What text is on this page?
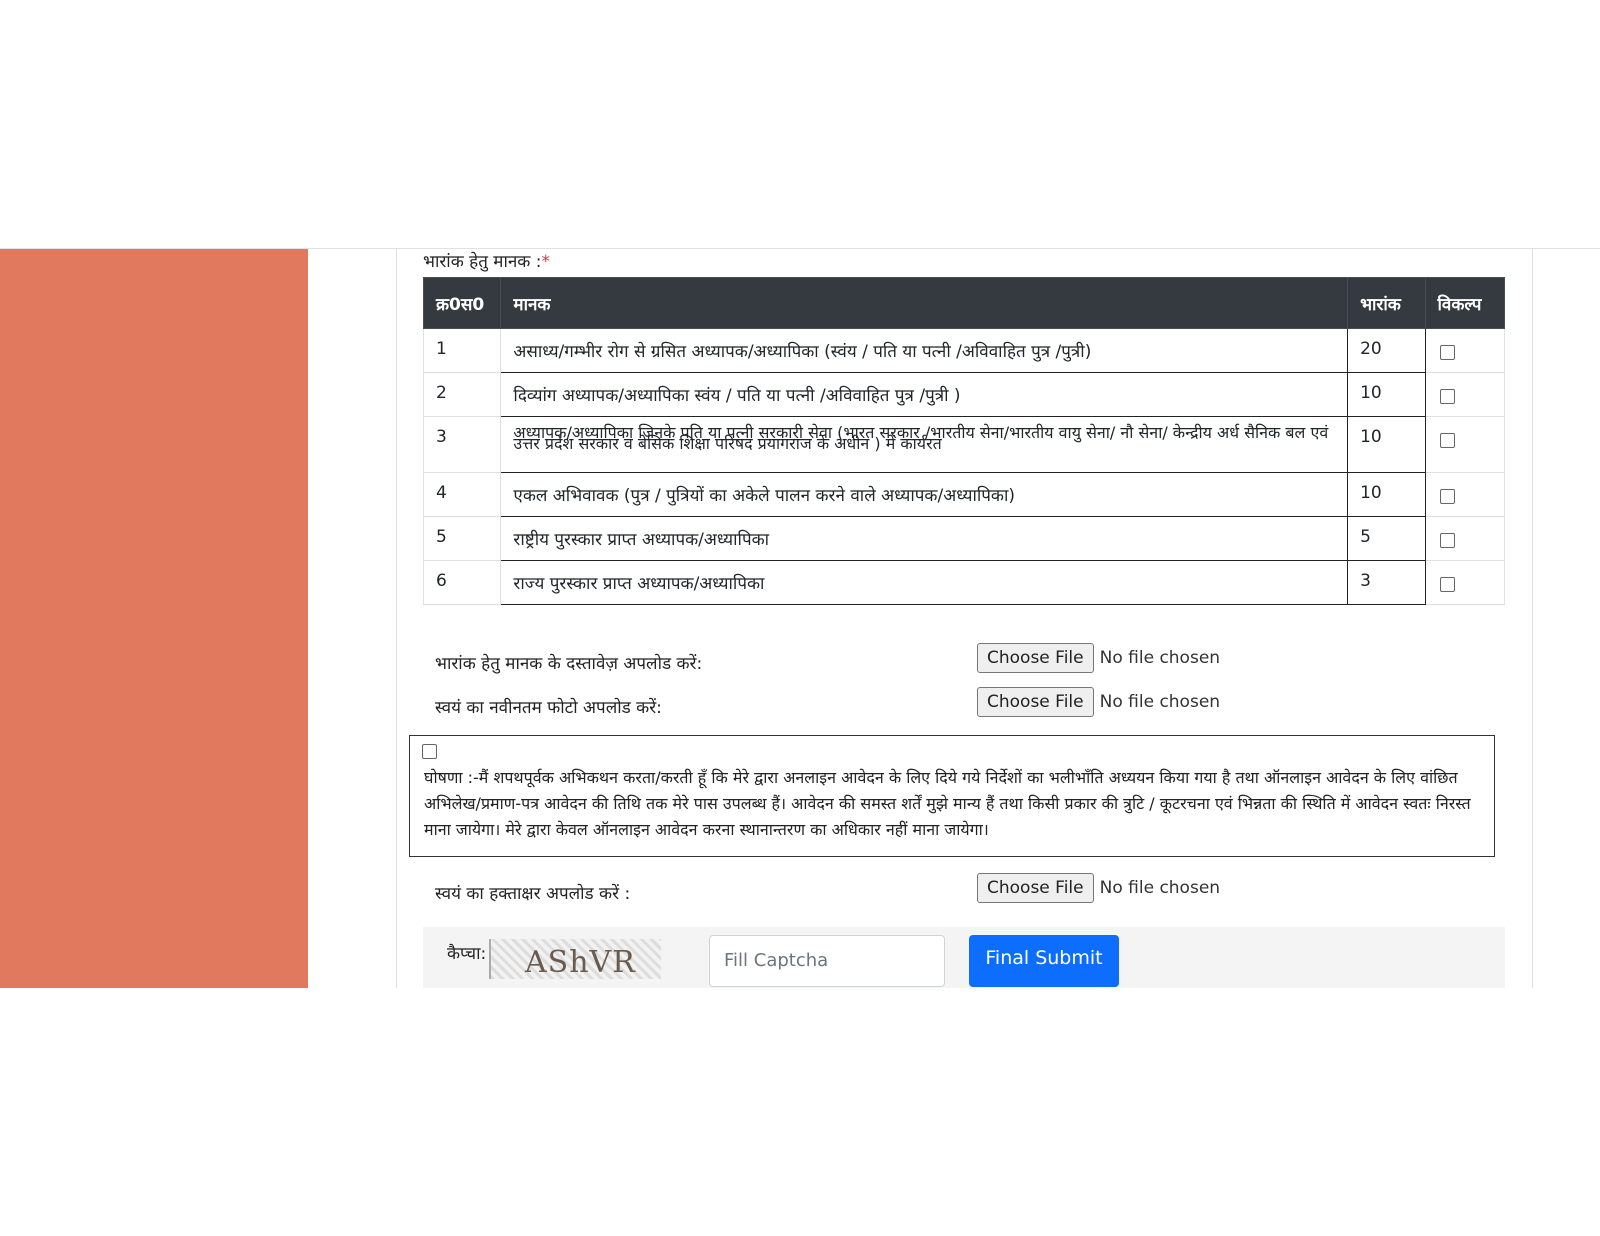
भारांक हेतु मानक :*
क्र0स0	मानक	भारांक	विकल्प
1	असाध्य/गम्भीर रोग से ग्रसित अध्यापक/अध्यापिका (स्वंय / पति या पत्नी /अविवाहित पुत्र /पुत्री)	20	
2	दिव्यांग अध्यापक/अध्यापिका स्वंय / पति या पत्नी /अविवाहित पुत्र /पुत्री )	10	
3	अध्यापक/अध्यापिका जिनके पति या पत्नी सरकारी सेवा (भारत सरकार /भारतीय सेना/भारतीय वायु सेना/ नौ सेना/ केन्द्रीय अर्ध सैनिक बल एवं उत्तर प्रदेश सरकार व बेसिक शिक्षा परिषद प्रयागराज के अधीन ) में कार्यरत	10	
4	एकल अभिवावक (पुत्र / पुत्रियों का अकेले पालन करने वाले अध्यापक/अध्यापिका)	10	
5	राष्ट्रीय पुरस्कार प्राप्त अध्यापक/अध्यापिका	5	
6	राज्य पुरस्कार प्राप्त अध्यापक/अध्यापिका	3	
भारांक हेतु मानक के दस्तावेज़ अपलोड करें:	Choose File No file chosen
स्वयं का नवीनतम फोटो अपलोड करें:	Choose File No file chosen
घोषणा :-मैं शपथपूर्वक अभिकथन करता/करती हूँ कि मेरे द्वारा अनलाइन आवेदन के लिए दिये गये निर्देशों का भलीभाँति अध्ययन किया गया है तथा ऑनलाइन आवेदन के लिए वांछित अभिलेख/प्रमाण-पत्र आवेदन की तिथि तक मेरे पास उपलब्ध हैं। आवेदन की समस्त शर्तें मुझे मान्य हैं तथा किसी प्रकार की त्रुटि / कूटरचना एवं भिन्नता की स्थिति में आवेदन स्वतः निरस्त माना जायेगा। मेरे द्वारा केवल ऑनलाइन आवेदन करना स्थानान्तरण का अधिकार नहीं माना जायेगा।
स्वयं का हक्ताक्षर अपलोड करें :	Choose File No file chosen
कैप्चा: AShVR	Fill Captcha	Final Submit
